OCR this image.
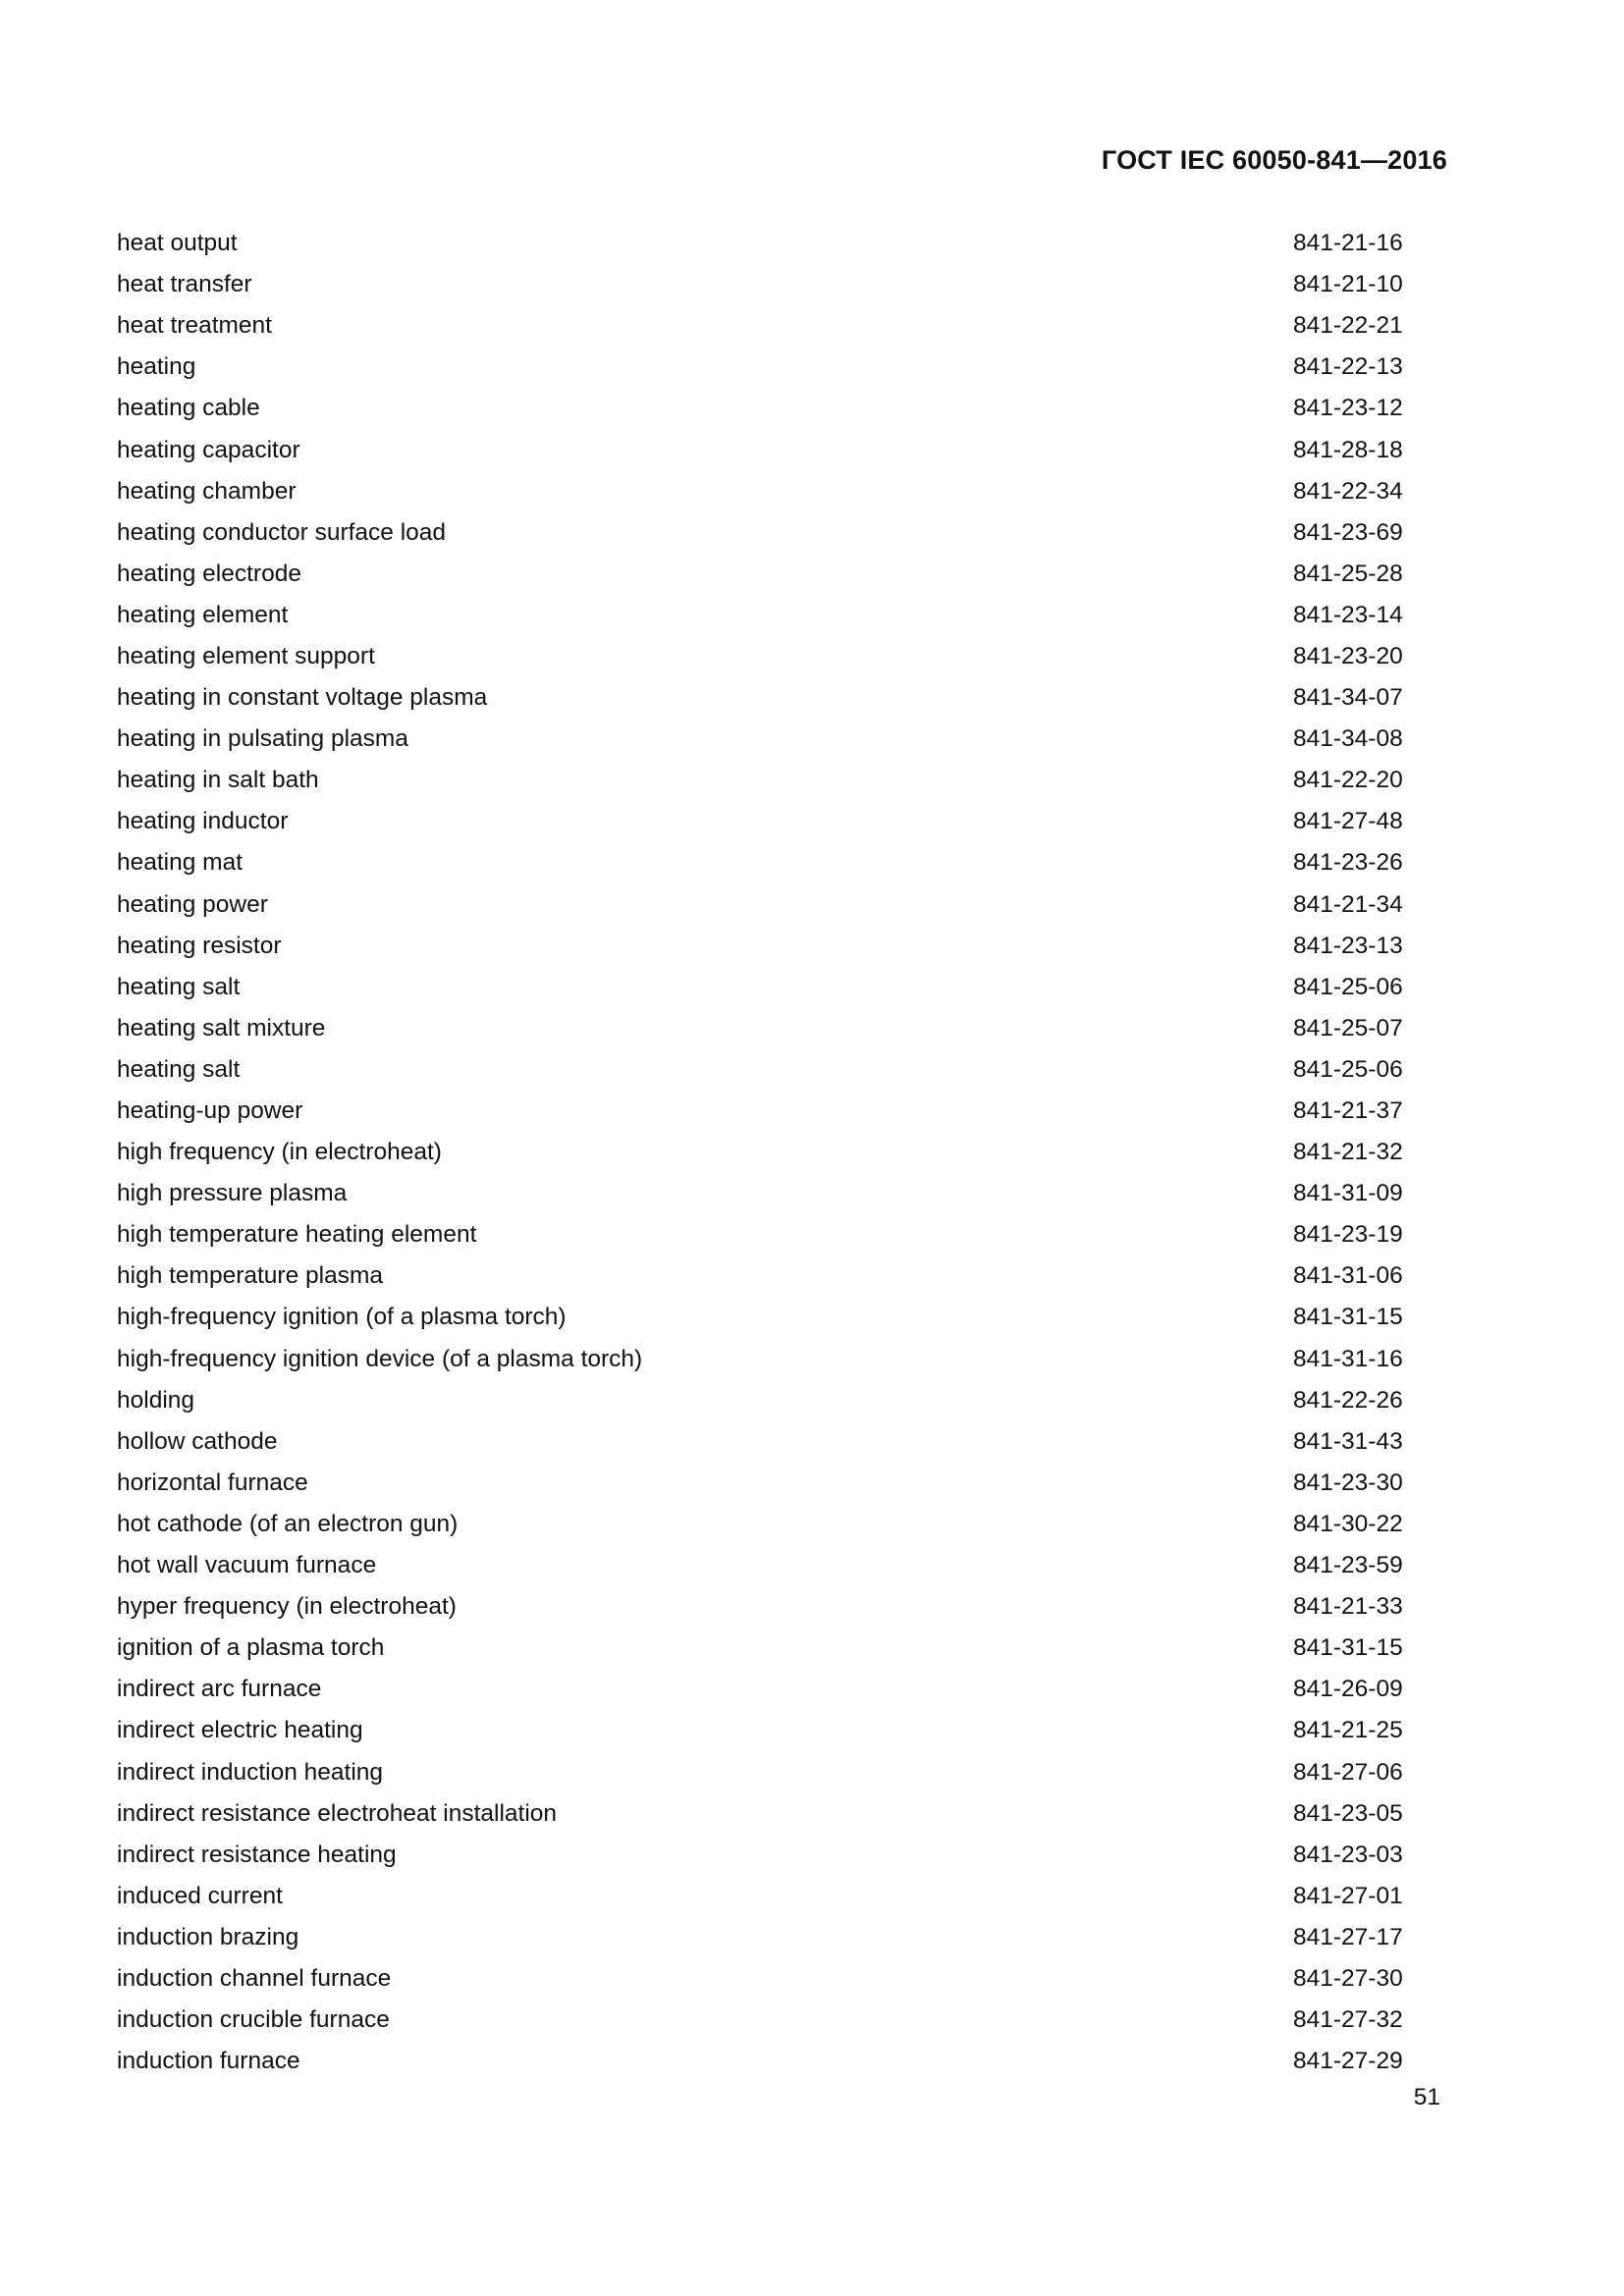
ГОСТ IEC 60050-841—2016
heat output	841-21-16
heat transfer	841-21-10
heat treatment	841-22-21
heating	841-22-13
heating cable	841-23-12
heating capacitor	841-28-18
heating chamber	841-22-34
heating conductor surface load	841-23-69
heating electrode	841-25-28
heating element	841-23-14
heating element support	841-23-20
heating in constant voltage plasma	841-34-07
heating in pulsating plasma	841-34-08
heating in salt bath	841-22-20
heating inductor	841-27-48
heating mat	841-23-26
heating power	841-21-34
heating resistor	841-23-13
heating salt	841-25-06
heating salt mixture	841-25-07
heating salt	841-25-06
heating-up power	841-21-37
high frequency (in electroheat)	841-21-32
high pressure plasma	841-31-09
high temperature heating element	841-23-19
high temperature plasma	841-31-06
high-frequency ignition (of a plasma torch)	841-31-15
high-frequency ignition device (of a plasma torch)	841-31-16
holding	841-22-26
hollow cathode	841-31-43
horizontal furnace	841-23-30
hot cathode (of an electron gun)	841-30-22
hot wall vacuum furnace	841-23-59
hyper frequency (in electroheat)	841-21-33
ignition of a plasma torch	841-31-15
indirect arc furnace	841-26-09
indirect electric heating	841-21-25
indirect induction heating	841-27-06
indirect resistance electroheat installation	841-23-05
indirect resistance heating	841-23-03
induced current	841-27-01
induction brazing	841-27-17
induction channel furnace	841-27-30
induction crucible furnace	841-27-32
induction furnace	841-27-29
51
